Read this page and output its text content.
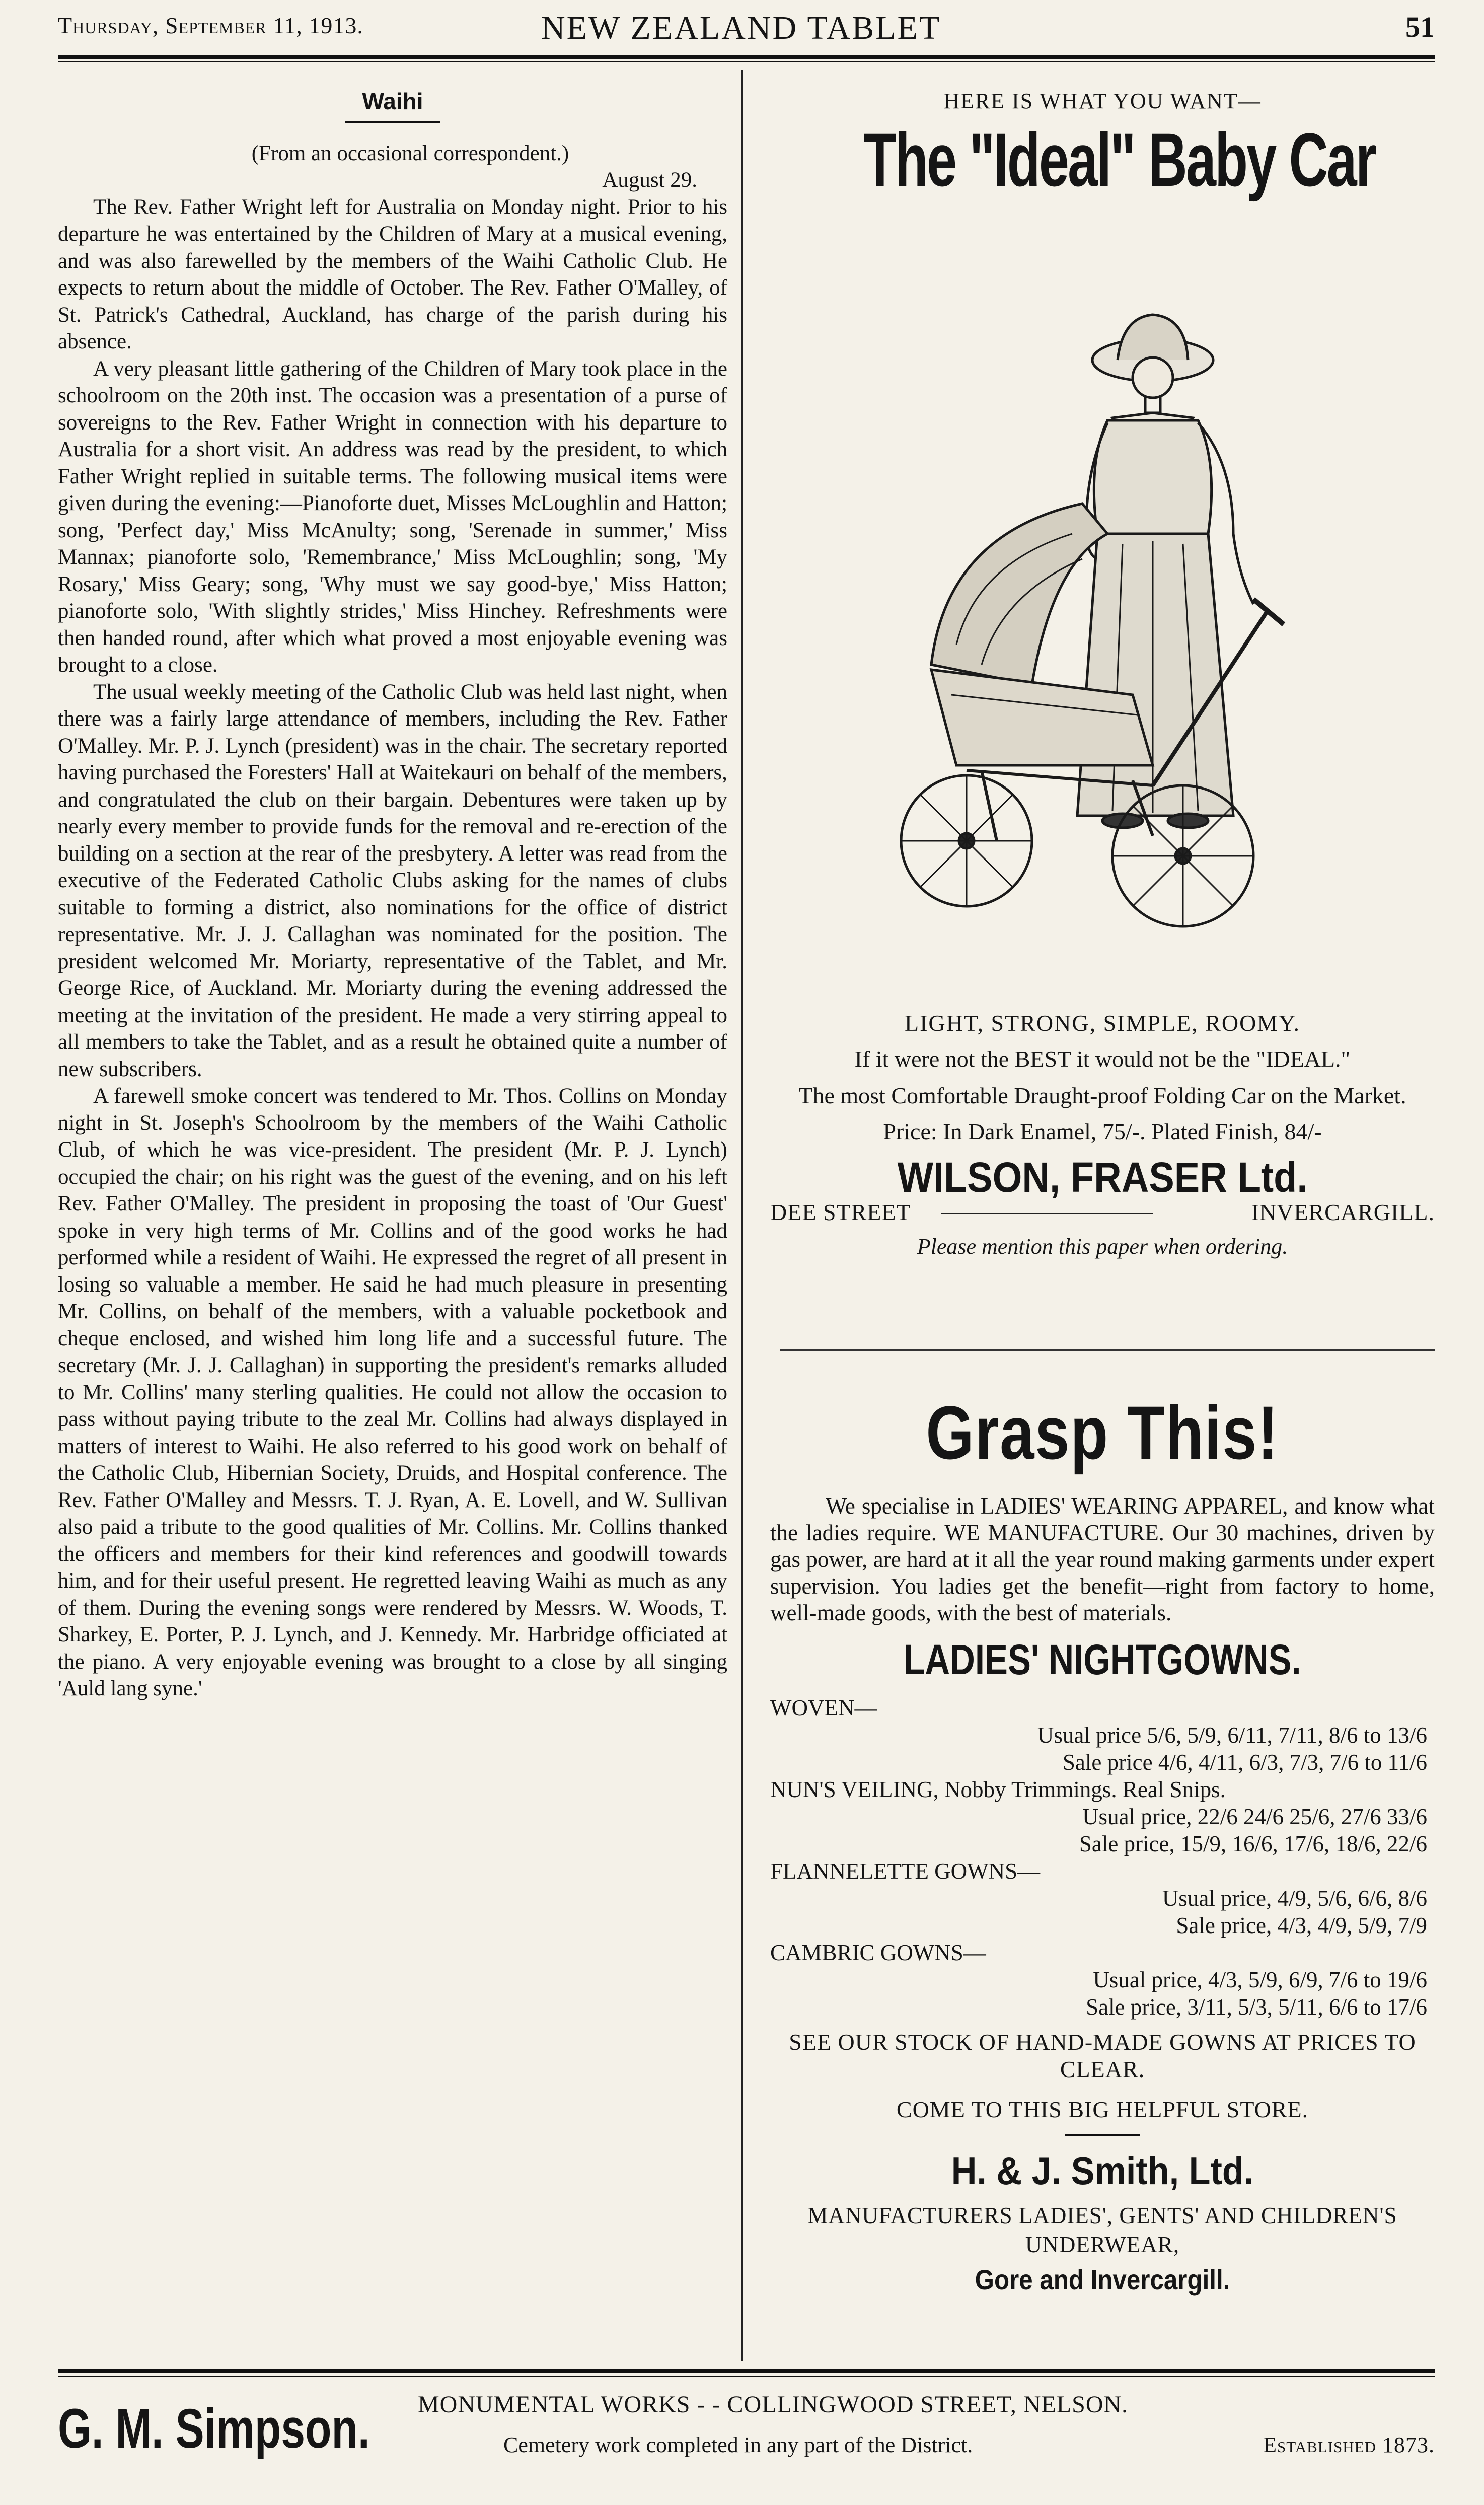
Thursday, September 11, 1913.	NEW ZEALAND TABLET	51
Waihi

(From an occasional correspondent.)

August 29.

The Rev. Father Wright left for Australia on Monday night. Prior to his departure he was entertained by the Children of Mary at a musical evening, and was also farewelled by the members of the Waihi Catholic Club. He expects to return about the middle of October. The Rev. Father O'Malley, of St. Patrick's Cathedral, Auckland, has charge of the parish during his absence.

A very pleasant little gathering of the Children of Mary took place in the schoolroom on the 20th inst. The occasion was a presentation of a purse of sovereigns to the Rev. Father Wright in connection with his departure to Australia for a short visit. An address was read by the president, to which Father Wright replied in suitable terms. The following musical items were given during the evening:—Pianoforte duet, Misses McLoughlin and Hatton; song, 'Perfect day,' Miss McAnulty; song, 'Serenade in summer,' Miss Mannax; pianoforte solo, 'Remembrance,' Miss McLoughlin; song, 'My Rosary,' Miss Geary; song, 'Why must we say good-bye,' Miss Hatton; pianoforte solo, 'With slightly strides,' Miss Hinchey. Refreshments were then handed round, after which what proved a most enjoyable evening was brought to a close.

The usual weekly meeting of the Catholic Club was held last night, when there was a fairly large attendance of members, including the Rev. Father O'Malley. Mr. P. J. Lynch (president) was in the chair. The secretary reported having purchased the Foresters' Hall at Waitekauri on behalf of the members, and congratulated the club on their bargain. Debentures were taken up by nearly every member to provide funds for the removal and re-erection of the building on a section at the rear of the presbytery. A letter was read from the executive of the Federated Catholic Clubs asking for the names of clubs suitable to forming a district, also nominations for the office of district representative. Mr. J. J. Callaghan was nominated for the position. The president welcomed Mr. Moriarty, representative of the Tablet, and Mr. George Rice, of Auckland. Mr. Moriarty during the evening addressed the meeting at the invitation of the president. He made a very stirring appeal to all members to take the Tablet, and as a result he obtained quite a number of new subscribers.

A farewell smoke concert was tendered to Mr. Thos. Collins on Monday night in St. Joseph's Schoolroom by the members of the Waihi Catholic Club, of which he was vice-president. The president (Mr. P. J. Lynch) occupied the chair; on his right was the guest of the evening, and on his left Rev. Father O'Malley. The president in proposing the toast of 'Our Guest' spoke in very high terms of Mr. Collins and of the good works he had performed while a resident of Waihi. He expressed the regret of all present in losing so valuable a member. He said he had much pleasure in presenting Mr. Collins, on behalf of the members, with a valuable pocketbook and cheque enclosed, and wished him long life and a successful future. The secretary (Mr. J. J. Callaghan) in supporting the president's remarks alluded to Mr. Collins' many sterling qualities. He could not allow the occasion to pass without paying tribute to the zeal Mr. Collins had always displayed in matters of interest to Waihi. He also referred to his good work on behalf of the Catholic Club, Hibernian Society, Druids, and Hospital conference. The Rev. Father O'Malley and Messrs. T. J. Ryan, A. E. Lovell, and W. Sullivan also paid a tribute to the good qualities of Mr. Collins. Mr. Collins thanked the officers and members for their kind references and goodwill towards him, and for their useful present. He regretted leaving Waihi as much as any of them. During the evening songs were rendered by Messrs. W. Woods, T. Sharkey, E. Porter, P. J. Lynch, and J. Kennedy. Mr. Harbridge officiated at the piano. A very enjoyable evening was brought to a close by all singing 'Auld lang syne.'

HERE IS WHAT YOU WANT—
The "Ideal" Baby Car

LIGHT, STRONG, SIMPLE, ROOMY.

If it were not the BEST it would not be the "IDEAL."

The most Comfortable Draught-proof Folding Car on the Market.

Price: In Dark Enamel, 75/-. Plated Finish, 84/-

WILSON, FRASER Ltd.
DEE STREET	INVERCARGILL.
Please mention this paper when ordering.
Grasp This!

We specialise in LADIES' WEARING APPAREL, and know what the ladies require. WE MANUFACTURE. Our 30 machines, driven by gas power, are hard at it all the year round making garments under expert supervision. You ladies get the benefit—right from factory to home, well-made goods, with the best of materials.

LADIES' NIGHTGOWNS.

WOVEN—

Usual price 5/6, 5/9, 6/11, 7/11, 8/6 to 13/6

Sale price 4/6, 4/11, 6/3, 7/3, 7/6 to 11/6

NUN'S VEILING, Nobby Trimmings. Real Snips.

Usual price, 22/6 24/6 25/6, 27/6 33/6

Sale price, 15/9, 16/6, 17/6, 18/6, 22/6

FLANNELETTE GOWNS—

Usual price, 4/9, 5/6, 6/6, 8/6

Sale price, 4/3, 4/9, 5/9, 7/9

CAMBRIC GOWNS—

Usual price, 4/3, 5/9, 6/9, 7/6 to 19/6

Sale price, 3/11, 5/3, 5/11, 6/6 to 17/6

SEE OUR STOCK OF HAND-MADE GOWNS AT PRICES TO CLEAR.

COME TO THIS BIG HELPFUL STORE.

H. & J. Smith, Ltd.

MANUFACTURERS LADIES', GENTS' AND CHILDREN'S UNDERWEAR,

Gore and Invercargill.
G. M. Simpson. MONUMENTAL WORKS - - COLLINGWOOD STREET, NELSON.
Cemetery work completed in any part of the District.	Established 1873.
